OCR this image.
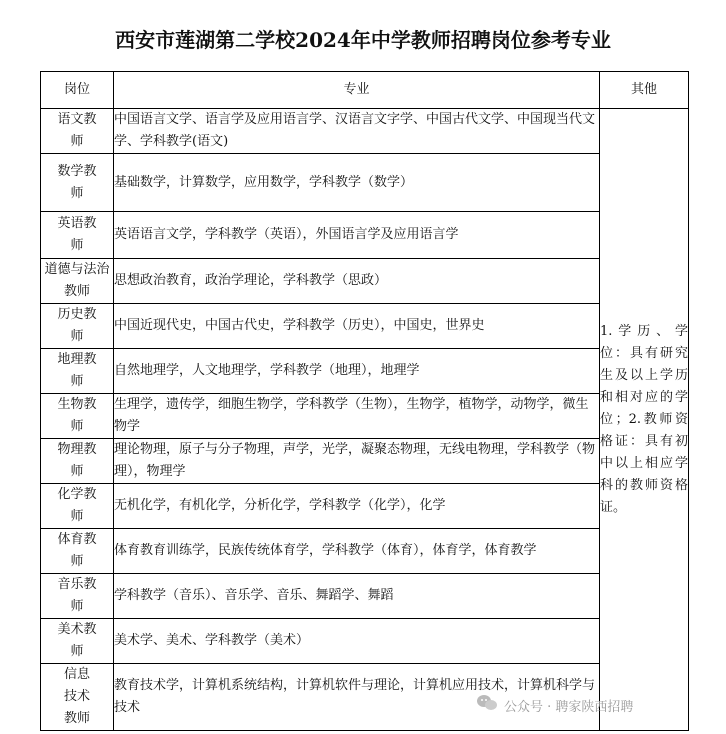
西安市莲湖第二学校2024年中学教师招聘岗位参考专业
岗位	专业	其他
语文教师	中国语言文学、语言学及应用语言学、汉语言文字学、中国古代文学、中国现当代文学、学科教学(语文)	1.学历、学位：具有研究生及以上学历和相对应的学位；2.教师资格证：具有初中以上相应学科的教师资格证。
数学教师	基础数学，计算数学，应用数学，学科教学（数学）	
英语教师	英语语言文学，学科教学（英语），外国语言学及应用语言学	
道德与法治教师	思想政治教育，政治学理论，学科教学（思政）	
历史教师	中国近现代史，中国古代史，学科教学（历史），中国史，世界史	
地理教师	自然地理学，人文地理学，学科教学（地理），地理学	
生物教师	生理学，遗传学，细胞生物学，学科教学（生物），生物学，植物学，动物学，微生物学	
物理教师	理论物理，原子与分子物理，声学，光学，凝聚态物理，无线电物理，学科教学（物理），物理学	
化学教师	无机化学，有机化学，分析化学，学科教学（化学），化学	
体育教师	体育教育训练学，民族传统体育学，学科教学（体育），体育学，体育教学	
音乐教师	学科教学（音乐）、音乐学、音乐、舞蹈学、舞蹈	
美术教师	美术学、美术、学科教学（美术）	
信息技术教师	教育技术学，计算机系统结构，计算机软件与理论，计算机应用技术，计算机科学与技术		公众号 · 聘家陕西招聘
